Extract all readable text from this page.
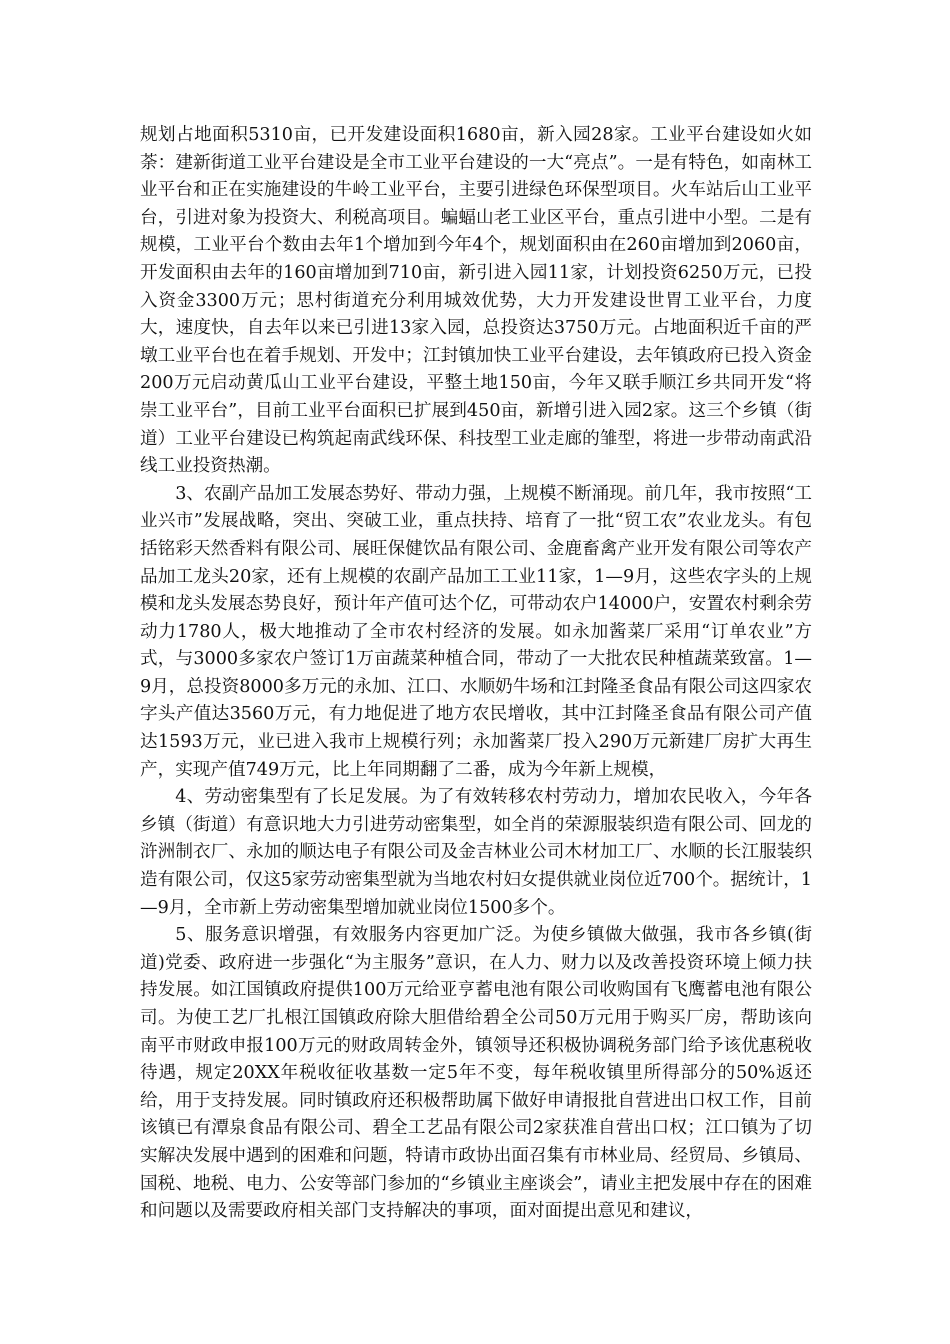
规划占地面积5310亩，已开发建设面积1680亩，新入园28家。工业平台建设如火如荼：建新街道工业平台建设是全市工业平台建设的一大“亮点”。一是有特色，如南林工业平台和正在实施建设的牛岭工业平台，主要引进绿色环保型项目。火车站后山工业平台，引进对象为投资大、利税高项目。蝙蝠山老工业区平台，重点引进中小型。二是有规模，工业平台个数由去年1个增加到今年4个，规划面积由在260亩增加到2060亩，开发面积由去年的160亩增加到710亩，新引进入园11家，计划投资6250万元，已投入资金3300万元；思村街道充分利用城效优势，大力开发建设世胃工业平台，力度大，速度快，自去年以来已引进13家入园，总投资达3750万元。占地面积近千亩的严墩工业平台也在着手规划、开发中；江封镇加快工业平台建设，去年镇政府已投入资金200万元启动黄瓜山工业平台建设，平整土地150亩，今年又联手顺江乡共同开发“将崇工业平台”，目前工业平台面积已扩展到450亩，新增引进入园2家。这三个乡镇（街道）工业平台建设已构筑起南武线环保、科技型工业走廊的雏型，将进一步带动南武沿线工业投资热潮。

3、农副产品加工发展态势好、带动力强，上规模不断涌现。前几年，我市按照“工业兴市”发展战略，突出、突破工业，重点扶持、培育了一批“贸工农”农业龙头。有包括铭彩天然香料有限公司、展旺保健饮品有限公司、金鹿畜禽产业开发有限公司等农产品加工龙头20家，还有上规模的农副产品加工工业11家，1—9月，这些农字头的上规模和龙头发展态势良好，预计年产值可达个亿，可带动农户14000户，安置农村剩余劳动力1780人，极大地推动了全市农村经济的发展。如永加酱菜厂采用“订单农业”方式，与3000多家农户签订1万亩蔬菜种植合同，带动了一大批农民种植蔬菜致富。1—9月，总投资8000多万元的永加、江口、水顺奶牛场和江封隆圣食品有限公司这四家农字头产值达3560万元，有力地促进了地方农民增收，其中江封隆圣食品有限公司产值达1593万元，业已进入我市上规模行列；永加酱菜厂投入290万元新建厂房扩大再生产，实现产值749万元，比上年同期翻了二番，成为今年新上规模，

4、劳动密集型有了长足发展。为了有效转移农村劳动力，增加农民收入，今年各乡镇（街道）有意识地大力引进劳动密集型，如全肖的荣源服装织造有限公司、回龙的浒洲制衣厂、永加的顺达电子有限公司及金吉林业公司木材加工厂、水顺的长江服装织造有限公司，仅这5家劳动密集型就为当地农村妇女提供就业岗位近700个。据统计，1—9月，全市新上劳动密集型增加就业岗位1500多个。

5、服务意识增强，有效服务内容更加广泛。为使乡镇做大做强，我市各乡镇(街道)党委、政府进一步强化“为主服务”意识，在人力、财力以及改善投资环境上倾力扶持发展。如江国镇政府提供100万元给亚亨蓄电池有限公司收购国有飞鹰蓄电池有限公司。为使工艺厂扎根江国镇政府除大胆借给碧全公司50万元用于购买厂房，帮助该向南平市财政申报100万元的财政周转金外，镇领导还积极协调税务部门给予该优惠税收待遇，规定20XX年税收征收基数一定5年不变，每年税收镇里所得部分的50%返还给，用于支持发展。同时镇政府还积极帮助属下做好申请报批自营进出口权工作，目前该镇已有潭泉食品有限公司、碧全工艺品有限公司2家获准自营出口权；江口镇为了切实解决发展中遇到的困难和问题，特请市政协出面召集有市林业局、经贸局、乡镇局、国税、地税、电力、公安等部门参加的“乡镇业主座谈会”，请业主把发展中存在的困难和问题以及需要政府相关部门支持解决的事项，面对面提出意见和建议，
